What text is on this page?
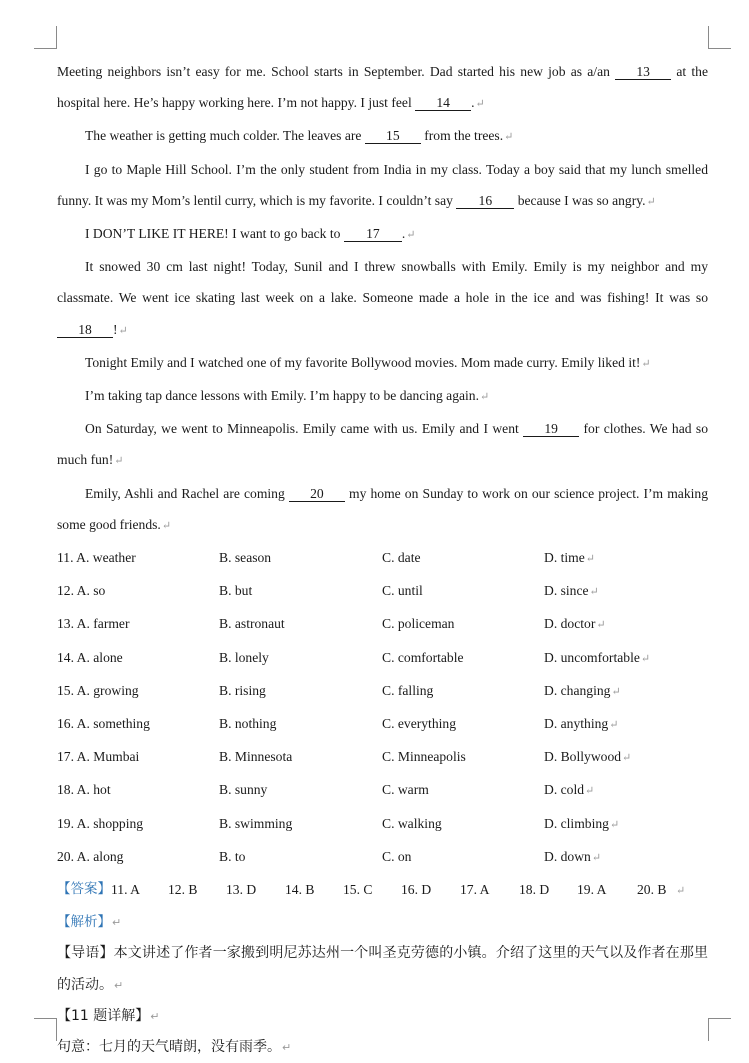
Meeting neighbors isn’t easy for me. School starts in September. Dad started his new job as a/an 13 at the hospital here. He’s happy working here. I’m not happy. I just feel 14 .↵

The weather is getting much colder. The leaves are 15 from the trees.↵

I go to Maple Hill School. I’m the only student from India in my class. Today a boy said that my lunch smelled funny. It was my Mom’s lentil curry, which is my favorite. I couldn’t say 16 because I was so angry.↵

I DON’T LIKE IT HERE! I want to go back to 17 .↵

It snowed 30 cm last night! Today, Sunil and I threw snowballs with Emily. Emily is my neighbor and my classmate. We went ice skating last week on a lake. Someone made a hole in the ice and was fishing! It was so 18 !↵

Tonight Emily and I watched one of my favorite Bollywood movies. Mom made curry. Emily liked it!↵

I’m taking tap dance lessons with Emily. I’m happy to be dancing again.↵

On Saturday, we went to Minneapolis. Emily came with us. Emily and I went 19 for clothes. We had so much fun!↵

Emily, Ashli and Rachel are coming 20 my home on Sunday to work on our science project. I’m making some good friends.↵

11. A. weather	B. season	C. date	D. time↵
12. A. so	B. but	C. until	D. since↵
13. A. farmer	B. astronaut	C. policeman	D. doctor↵
14. A. alone	B. lonely	C. comfortable	D. uncomfortable↵
15. A. growing	B. rising	C. falling	D. changing↵
16. A. something	B. nothing	C. everything	D. anything↵
17. A. Mumbai	B. Minnesota	C. Minneapolis	D. Bollywood↵
18. A. hot	B. sunny	C. warm	D. cold↵
19. A. shopping	B. swimming	C. walking	D. climbing↵
20. A. along	B. to	C. on	D. down↵
【答案】 11. A 12. B 13. D 14. B 15. C 16. D 17. A 18. D 19. A 20. B ↵

【解析】↵

【导语】本文讲述了作者一家搬到明尼苏达州一个叫圣克劳德的小镇。介绍了这里的天气以及作者在那里的活动。↵

【11 题详解】↵

句意：七月的天气晴朗，没有雨季。↵
